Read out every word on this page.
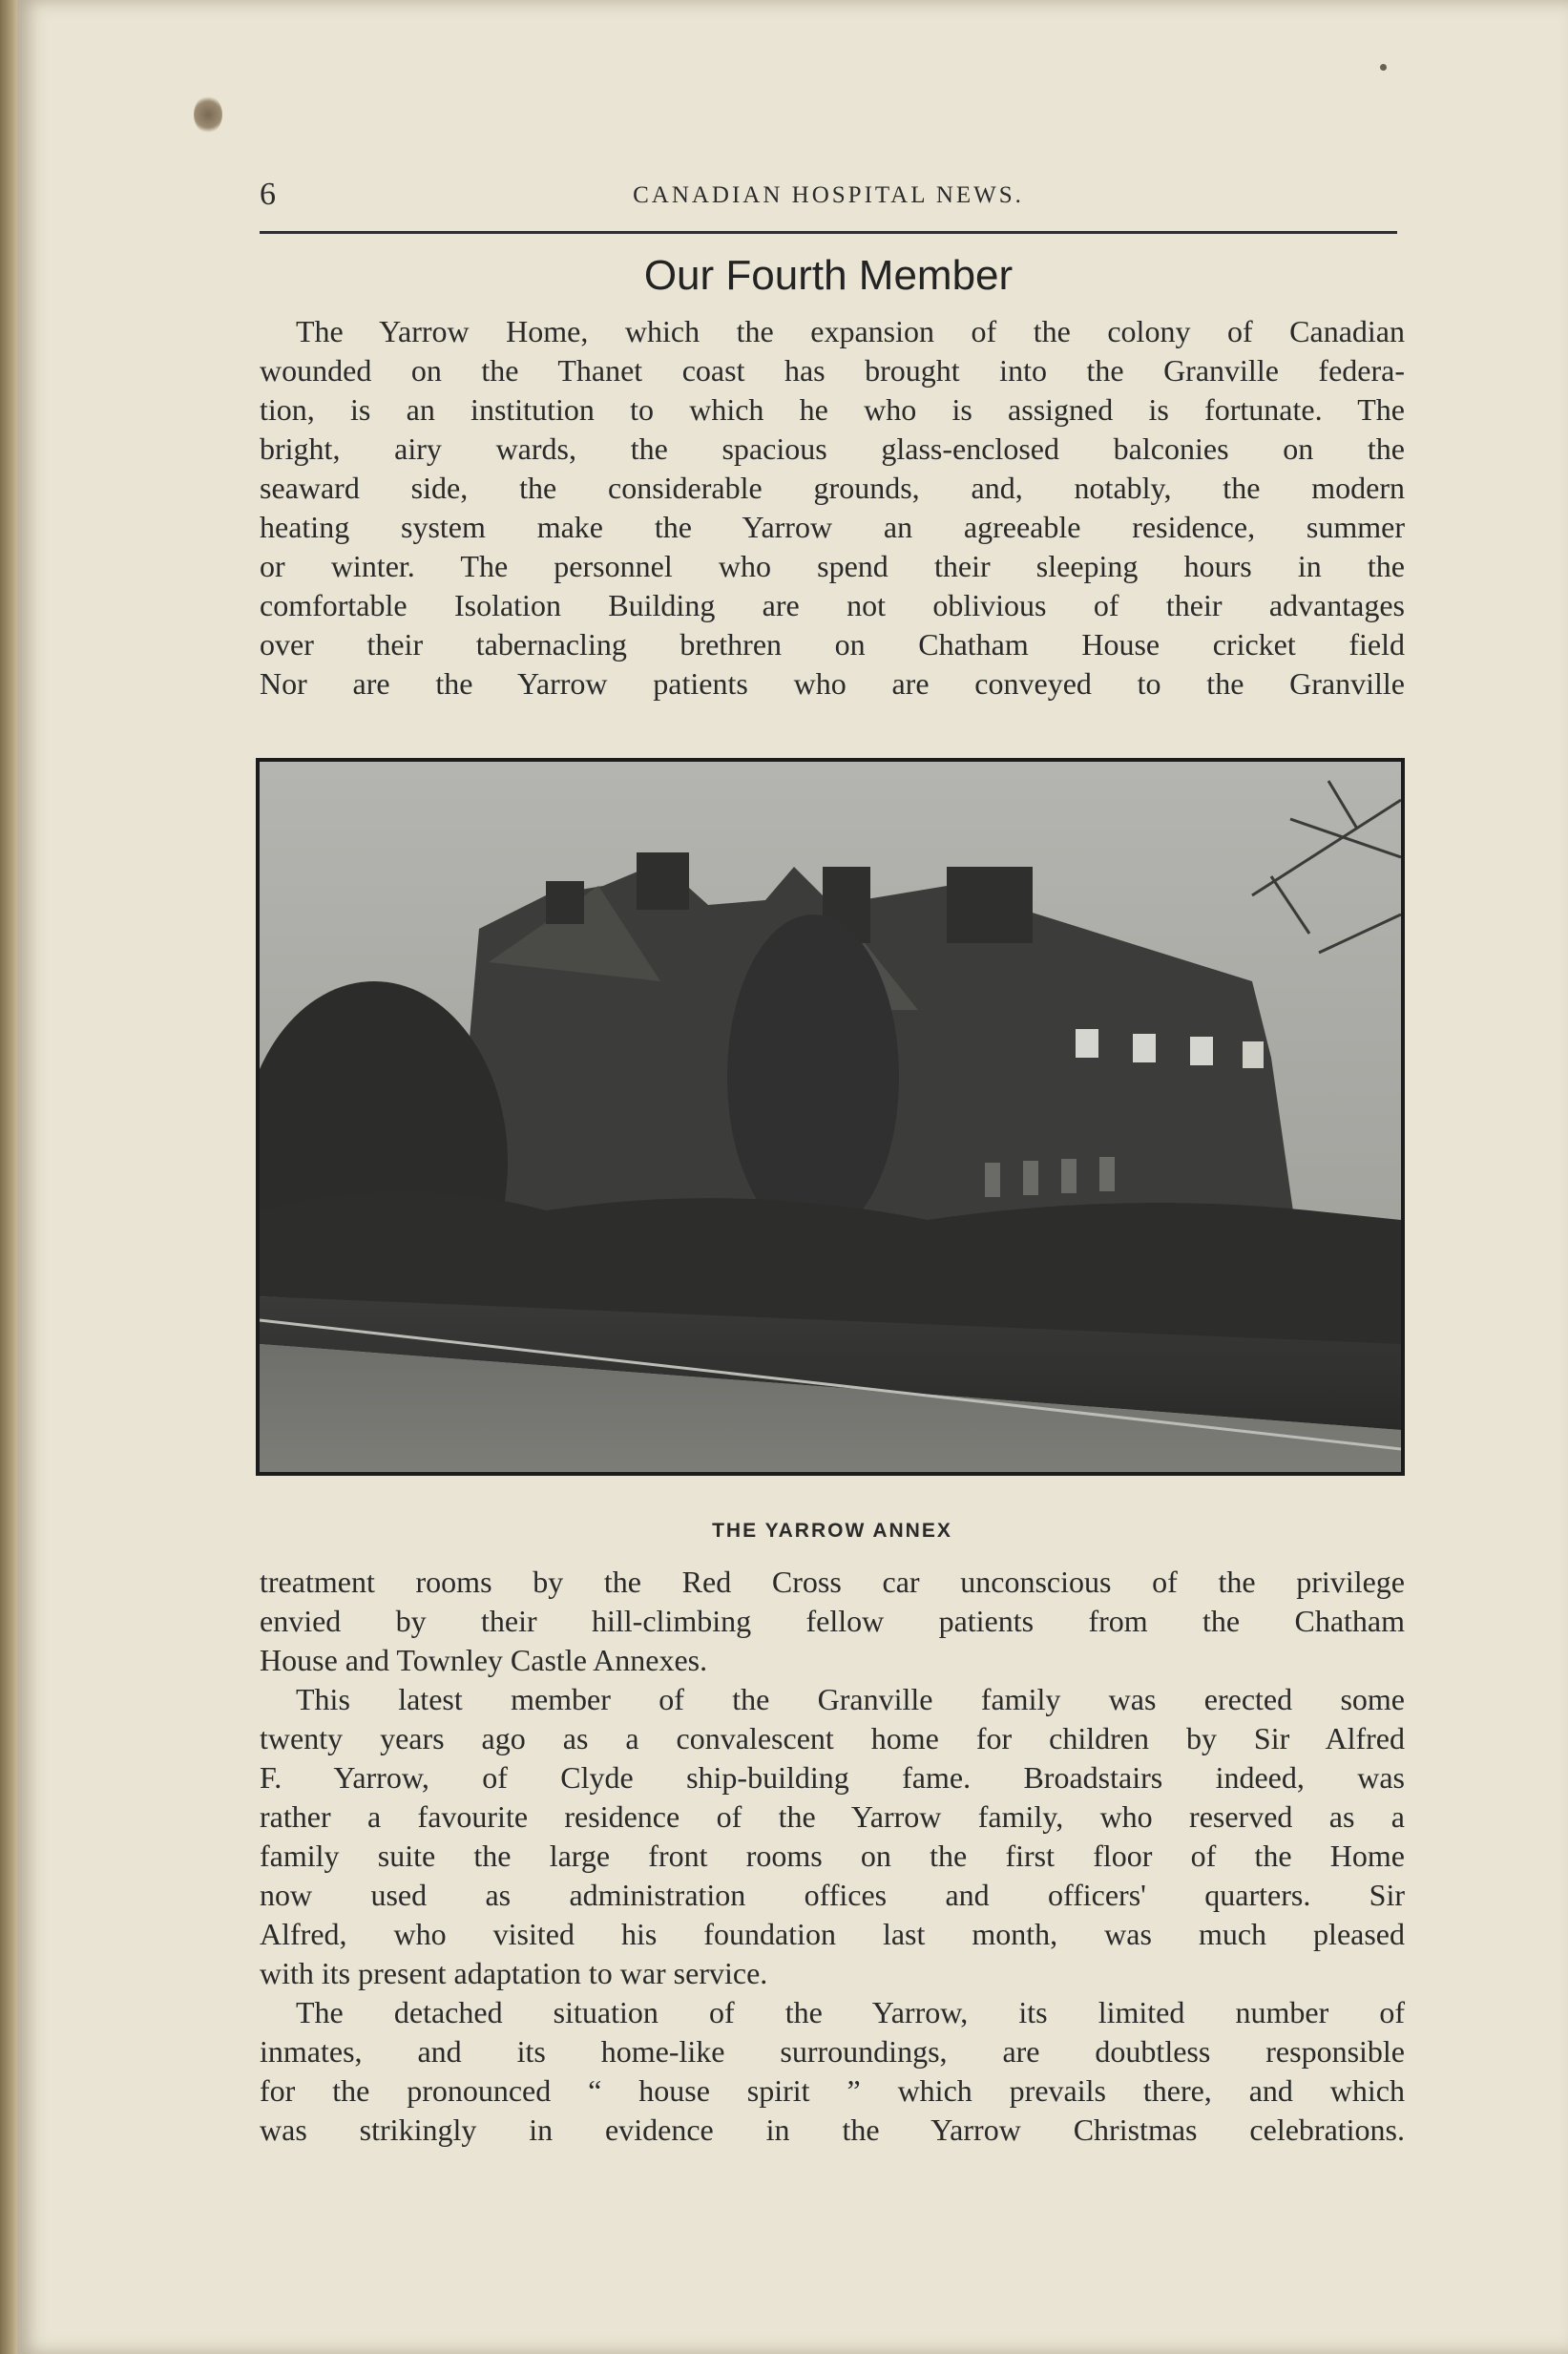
6	CANADIAN HOSPITAL NEWS.
Our Fourth Member
The Yarrow Home, which the expansion of the colony of Canadian
wounded on the Thanet coast has brought into the Granville federa-
tion, is an institution to which he who is assigned is fortunate. The
bright, airy wards, the spacious glass-enclosed balconies on the
seaward side, the considerable grounds, and, notably, the modern
heating system make the Yarrow an agreeable residence, summer
or winter. The personnel who spend their sleeping hours in the
comfortable Isolation Building are not oblivious of their advantages
over their tabernacling brethren on Chatham House cricket field
Nor are the Yarrow patients who are conveyed to the Granville
THE YARROW ANNEX
treatment rooms by the Red Cross car unconscious of the privilege
envied by their hill-climbing fellow patients from the Chatham
House and Townley Castle Annexes.
This latest member of the Granville family was erected some
twenty years ago as a convalescent home for children by Sir Alfred
F. Yarrow, of Clyde ship-building fame. Broadstairs indeed, was
rather a favourite residence of the Yarrow family, who reserved as a
family suite the large front rooms on the first floor of the Home
now used as administration offices and officers' quarters. Sir
Alfred, who visited his foundation last month, was much pleased
with its present adaptation to war service.
The detached situation of the Yarrow, its limited number of
inmates, and its home-like surroundings, are doubtless responsible
for the pronounced “ house spirit ” which prevails there, and which
was strikingly in evidence in the Yarrow Christmas celebrations.
